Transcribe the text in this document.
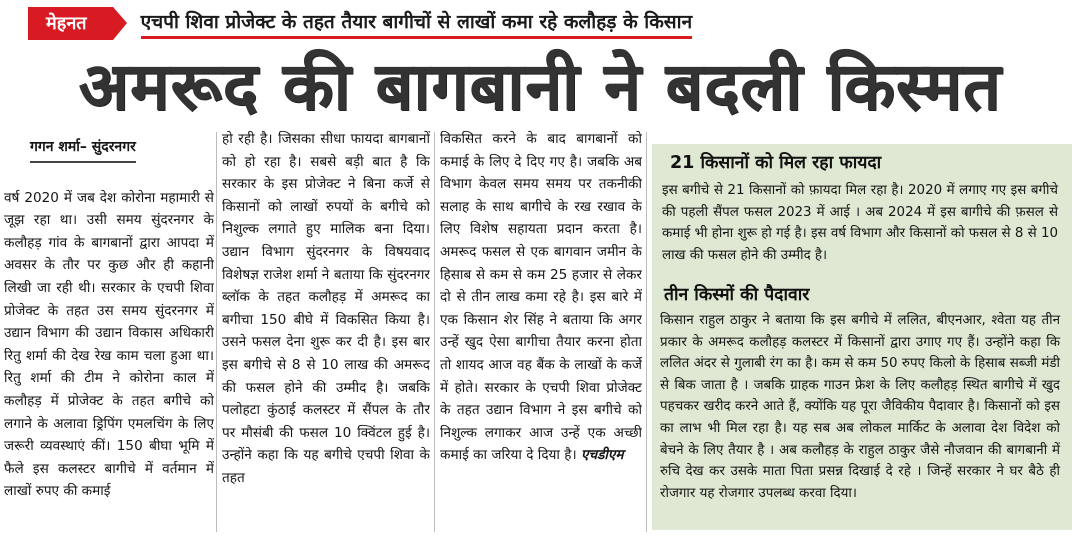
मेहनत	एचपी शिवा प्रोजेक्ट के तहत तैयार बागीचों से लाखों कमा रहे कलौहड़ के किसान
अमरूद की बागबानी ने बदली किस्मत
गगन शर्मा– सुंदरनगर
वर्ष 2020 में जब देश कोरोना महामारी से जूझ रहा था। उसी समय सुंदरनगर के कलौहड़ गांव के बागबानों द्वारा आपदा में अवसर के तौर पर कुछ और ही कहानी लिखी जा रही थी। सरकार के एचपी शिवा प्रोजेक्ट के तहत उस समय सुंदरनगर में उद्यान विभाग की उद्यान विकास अधिकारी रितु शर्मा की देख रेख काम चला हुआ था। रितु शर्मा की टीम ने कोरोना काल में कलौहड़ में प्रोजेक्ट के तहत बगीचे को लगाने के अलावा ड्रिपिंग एमलचिंग के लिए जरूरी व्यवस्थाएं कीं। 150 बीघा भूमि में फैले इस कलस्टर बागीचे में वर्तमान में लाखों रुपए की कमाई
हो रही है। जिसका सीधा फायदा बागबानों को हो रहा है। सबसे बड़ी बात है कि सरकार के इस प्रोजेक्ट ने बिना कर्जे से किसानों को लाखों रुपयों के बगीचे को निशुल्क लगाते हुए मालिक बना दिया। उद्यान विभाग सुंदरनगर के विषयवाद विशेषज्ञ राजेश शर्मा ने बताया कि सुंदरनगर ब्लॉक के तहत कलौहड़ में अमरूद का बगीचा 150 बीघे में विकसित किया है। उसने फसल देना शुरू कर दी है। इस बार इस बगीचे से 8 से 10 लाख की अमरूद की फसल होने की उम्मीद है। जबकि पलोहटा कुंठाई कलस्टर में सैंपल के तौर पर मौसंबी की फसल 10 क्विंटल हुई है। उन्होंने कहा कि यह बगीचे एचपी शिवा के तहत
विकसित करने के बाद बागबानों को कमाई के लिए दे दिए गए है। जबकि अब विभाग केवल समय समय पर तकनीकी सलाह के साथ बागीचे के रख रखाव के लिए विशेष सहायता प्रदान करता है। अमरूद फसल से एक बागवान जमीन के हिसाब से कम से कम 25 हजार से लेकर दो से तीन लाख कमा रहे है। इस बारे में एक किसान शेर सिंह ने बताया कि अगर उन्हें खुद ऐसा बागीचा तैयार करना होता तो शायद आज वह बैंक के लाखों के कर्जे में होते। सरकार के एचपी शिवा प्रोजेक्ट के तहत उद्यान विभाग ने इस बगीचे को निशुल्क लगाकर आज उन्हें एक अच्छी कमाई का जरिया दे दिया है। एचडीएम
21 किसानों को मिल रहा फायदा
इस बगीचे से 21 किसानों को फ़ायदा मिल रहा है। 2020 में लगाए गए इस बगीचे की पहली सैंपल फसल 2023 में आई । अब 2024 में इस बागीचे की फ़सल से कमाई भी होना शुरू हो गई है। इस वर्ष विभाग और किसानों को फसल से 8 से 10 लाख की फसल होने की उम्मीद है।
तीन किस्मों की पैदावार
किसान राहुल ठाकुर ने बताया कि इस बगीचे में ललित, बीएनआर, श्वेता यह तीन प्रकार के अमरूद कलौहड़ कलस्टर में किसानों द्वारा उगाए गए हैं। उन्होंने कहा कि ललित अंदर से गुलाबी रंग का है। कम से कम 50 रुपए किलो के हिसाब सब्जी मंडी से बिक जाता है । जबकि ग्राहक गाउन फ्रेश के लिए कलौहड़ स्थित बागीचे में खुद पहचकर खरीद करने आते हैं, क्योंकि यह पूरा जैविकीय पैदावार है। किसानों को इस का लाभ भी मिल रहा है। यह सब अब लोकल मार्किट के अलावा देश विदेश को बेचने के लिए तैयार है । अब कलौहड़ के राहुल ठाकुर जैसे नौजवान की बागबानी में रुचि देख कर उसके माता पिता प्रसन्न दिखाई दे रहे । जिन्हें सरकार ने घर बैठे ही रोजगार यह रोजगार उपलब्ध करवा दिया।
